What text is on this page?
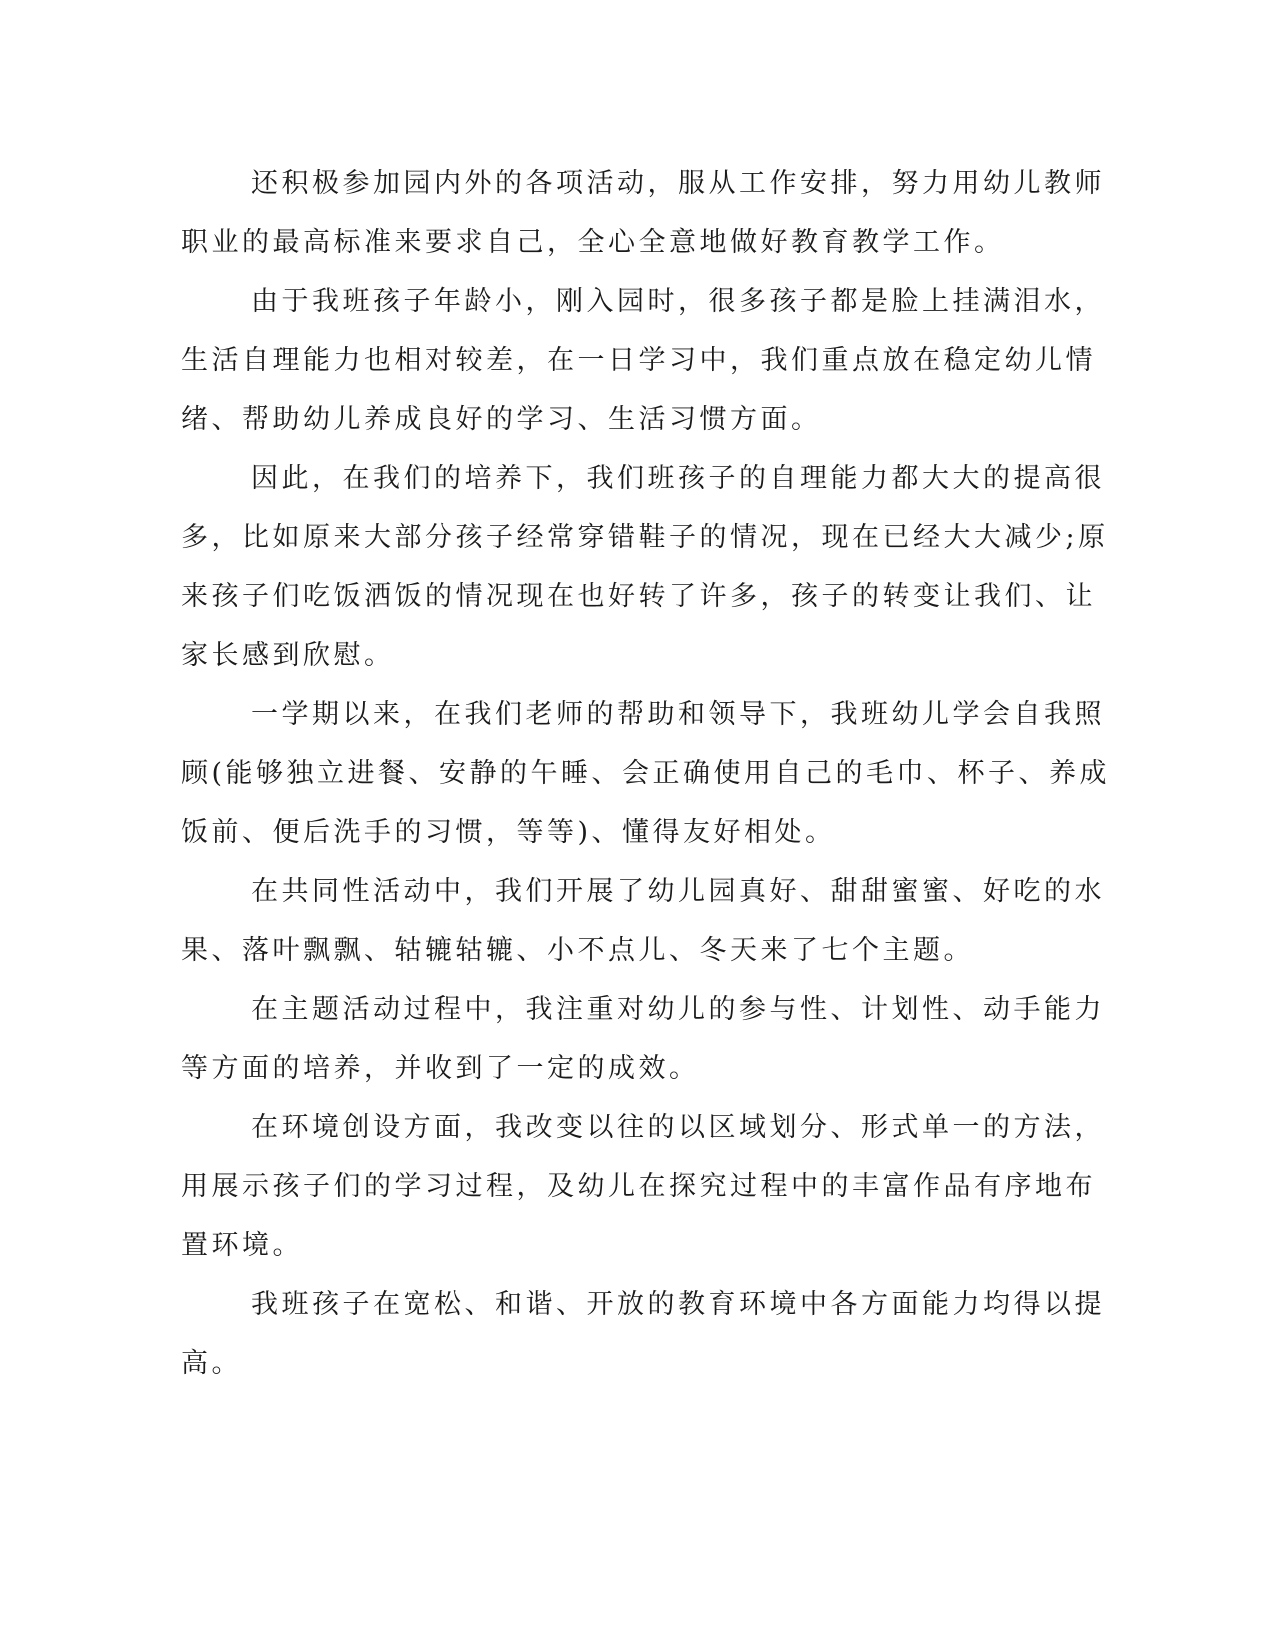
还积极参加园内外的各项活动，服从工作安排，努力用幼儿教师
职业的最高标准来要求自己，全心全意地做好教育教学工作。

由于我班孩子年龄小，刚入园时，很多孩子都是脸上挂满泪水，
生活自理能力也相对较差，在一日学习中，我们重点放在稳定幼儿情
绪、帮助幼儿养成良好的学习、生活习惯方面。

因此，在我们的培养下，我们班孩子的自理能力都大大的提高很
多，比如原来大部分孩子经常穿错鞋子的情况，现在已经大大减少;原
来孩子们吃饭洒饭的情况现在也好转了许多，孩子的转变让我们、让
家长感到欣慰。

一学期以来，在我们老师的帮助和领导下，我班幼儿学会自我照
顾(能够独立进餐、安静的午睡、会正确使用自己的毛巾、杯子、养成
饭前、便后洗手的习惯，等等)、懂得友好相处。

在共同性活动中，我们开展了幼儿园真好、甜甜蜜蜜、好吃的水
果、落叶飘飘、轱辘轱辘、小不点儿、冬天来了七个主题。

在主题活动过程中，我注重对幼儿的参与性、计划性、动手能力
等方面的培养，并收到了一定的成效。

在环境创设方面，我改变以往的以区域划分、形式单一的方法，
用展示孩子们的学习过程，及幼儿在探究过程中的丰富作品有序地布
置环境。

我班孩子在宽松、和谐、开放的教育环境中各方面能力均得以提
高。
